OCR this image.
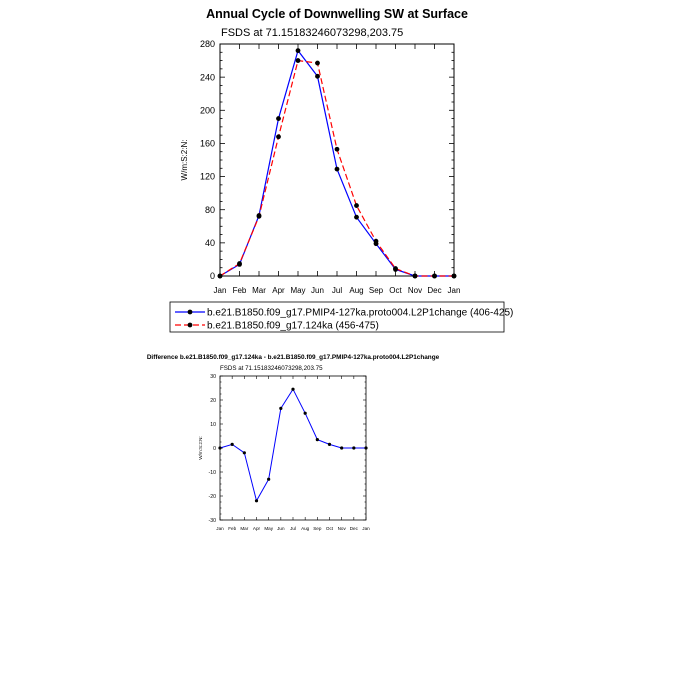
Annual Cycle of Downwelling SW at Surface
FSDS at 71.15183246073298,203.75
W/m:S:2:N:
0
40
80
120
160
200
240
280
Jan Feb Mar Apr May Jun Jul Aug Sep Oct Nov Dec Jan
b.e21.B1850.f09_g17.PMIP4-127ka.proto004.L2P1change (406-425)
b.e21.B1850.f09_g17.124ka (456-475)
Difference b.e21.B1850.f09_g17.124ka - b.e21.B1850.f09_g17.PMIP4-127ka.proto004.L2P1change
FSDS at 71.15183246073298,203.75
W/m:S:2:N:
-30
-20
-10
0
10
20
30
Jan Feb Mar Apr May Jun Jul Aug Sep Oct Nov Dec Jan
